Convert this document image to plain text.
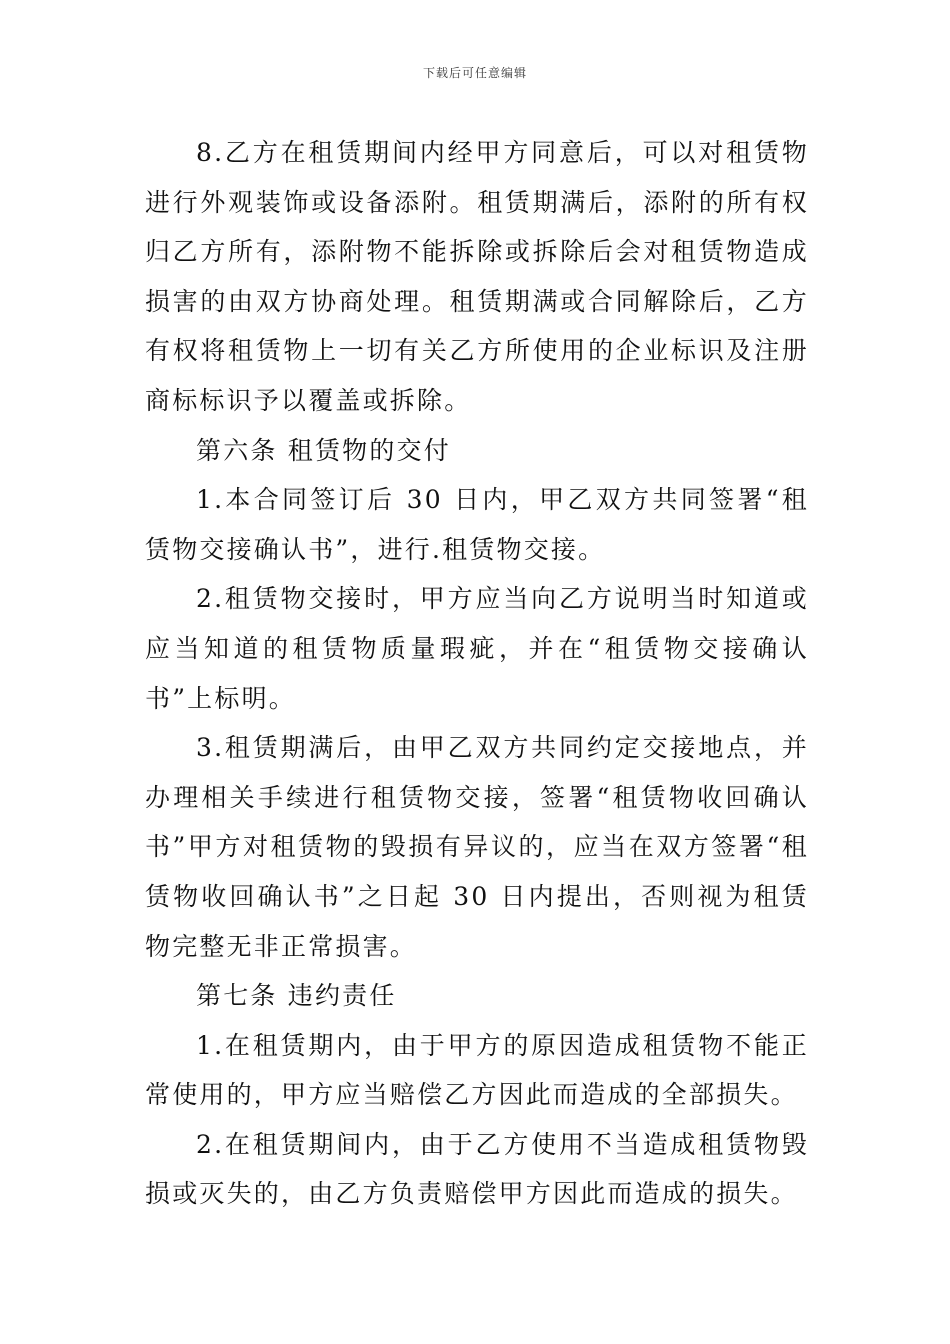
下载后可任意编辑

8.乙方在租赁期间内经甲方同意后，可以对租赁物进行外观装饰或设备添附。租赁期满后，添附的所有权归乙方所有，添附物不能拆除或拆除后会对租赁物造成损害的由双方协商处理。租赁期满或合同解除后，乙方有权将租赁物上一切有关乙方所使用的企业标识及注册商标标识予以覆盖或拆除。

第六条 租赁物的交付

1.本合同签订后 30 日内，甲乙双方共同签署“租赁物交接确认书”，进行.租赁物交接。

2.租赁物交接时，甲方应当向乙方说明当时知道或应当知道的租赁物质量瑕疵，并在“租赁物交接确认书”上标明。

3.租赁期满后，由甲乙双方共同约定交接地点，并办理相关手续进行租赁物交接，签署“租赁物收回确认书”甲方对租赁物的毁损有异议的，应当在双方签署“租赁物收回确认书”之日起 30 日内提出，否则视为租赁物完整无非正常损害。

第七条 违约责任

1.在租赁期内，由于甲方的原因造成租赁物不能正常使用的，甲方应当赔偿乙方因此而造成的全部损失。

2.在租赁期间内，由于乙方使用不当造成租赁物毁损或灭失的，由乙方负责赔偿甲方因此而造成的损失。
